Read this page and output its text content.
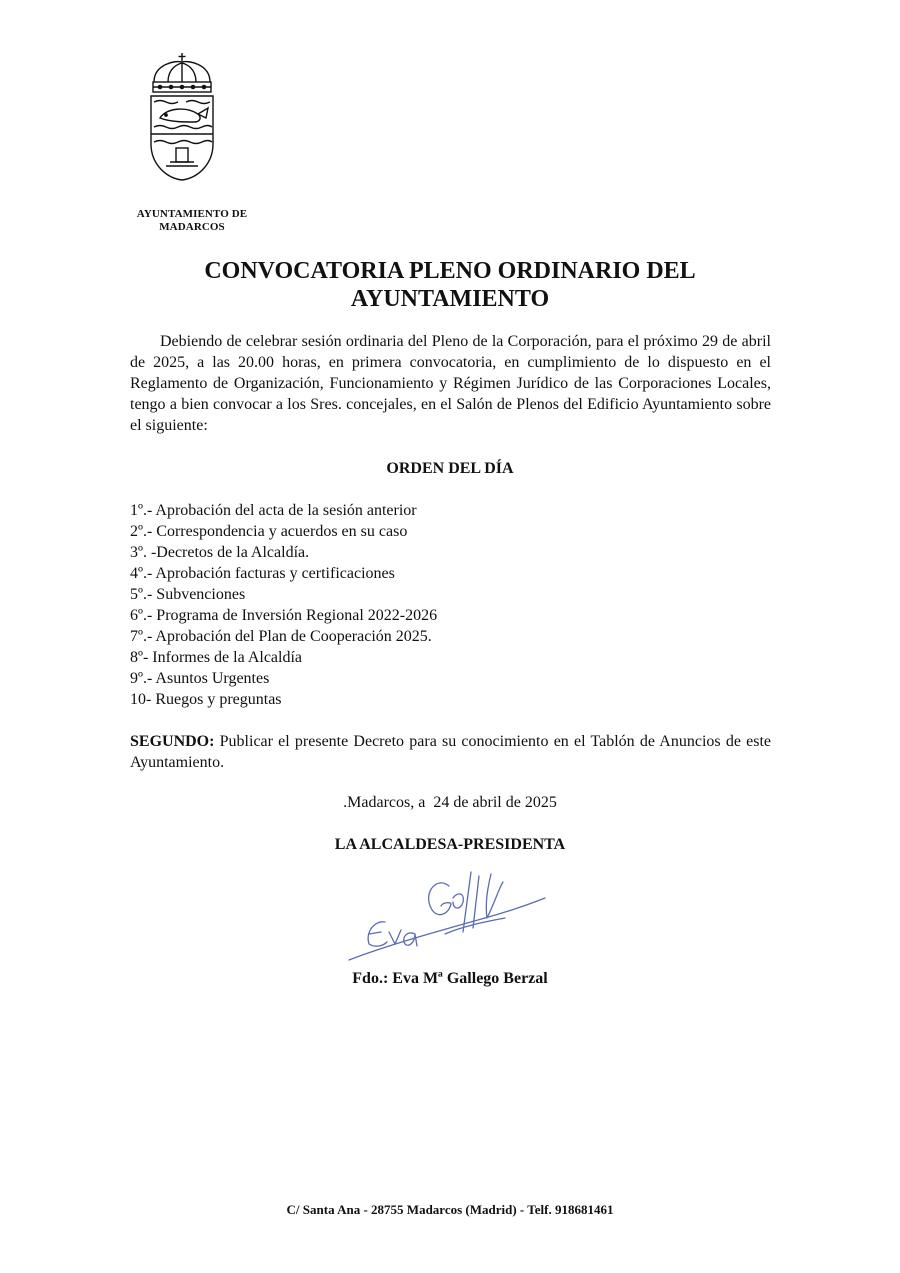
AYUNTAMIENTO DE
MADARCOS
CONVOCATORIA PLENO ORDINARIO DEL
AYUNTAMIENTO

Debiendo de celebrar sesión ordinaria del Pleno de la Corporación, para el próximo 29 de abril de 2025, a las 20.00 horas, en primera convocatoria, en cumplimiento de lo dispuesto en el Reglamento de Organización, Funcionamiento y Régimen Jurídico de las Corporaciones Locales, tengo a bien convocar a los Sres. concejales, en el Salón de Plenos del Edificio Ayuntamiento sobre el siguiente:

ORDEN DEL DÍA
1º.- Aprobación del acta de la sesión anterior
2º.- Correspondencia y acuerdos en su caso
3º. -Decretos de la Alcaldía.
4º.- Aprobación facturas y certificaciones
5º.- Subvenciones
6º.- Programa de Inversión Regional 2022-2026
7º.- Aprobación del Plan de Cooperación 2025.
8º- Informes de la Alcaldía
9º.- Asuntos Urgentes
10- Ruegos y preguntas

SEGUNDO: Publicar el presente Decreto para su conocimiento en el Tablón de Anuncios de este Ayuntamiento.

.Madarcos, a  24 de abril de 2025

LA ALCALDESA-PRESIDENTA

Fdo.: Eva Mª Gallego Berzal

C/ Santa Ana - 28755 Madarcos (Madrid) - Telf. 918681461
